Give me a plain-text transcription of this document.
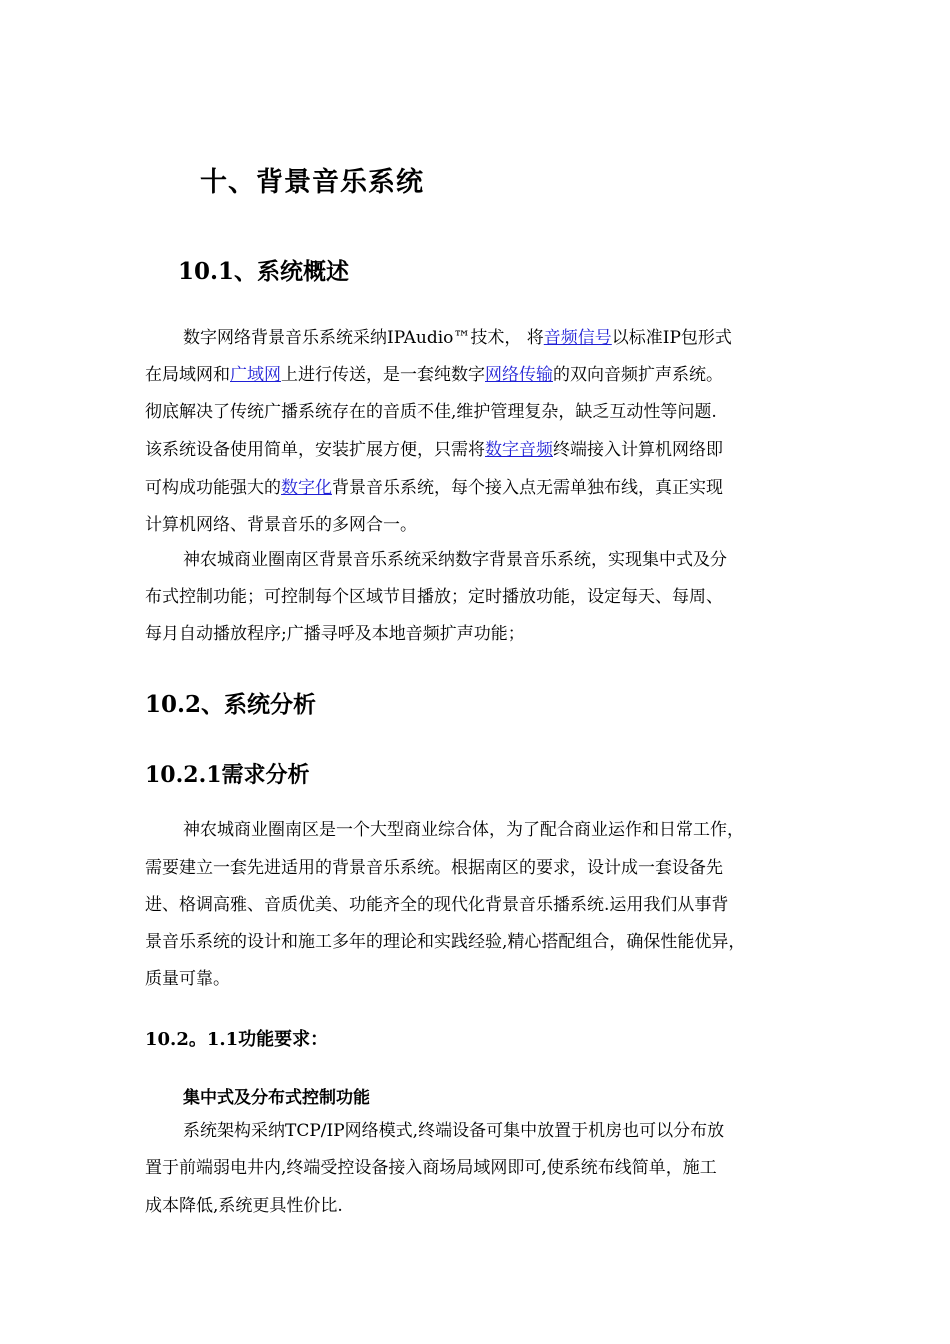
十、背景音乐系统
10.1、系统概述
数字网络背景音乐系统采纳IPAudio™技术， 将音频信号以标准IP包形式
在局域网和广域网上进行传送，是一套纯数字网络传输的双向音频扩声系统。
彻底解决了传统广播系统存在的音质不佳,维护管理复杂，缺乏互动性等问题.
该系统设备使用简单，安装扩展方便，只需将数字音频终端接入计算机网络即
可构成功能强大的数字化背景音乐系统，每个接入点无需单独布线，真正实现
计算机网络、背景音乐的多网合一。
神农城商业圈南区背景音乐系统采纳数字背景音乐系统，实现集中式及分
布式控制功能；可控制每个区域节目播放；定时播放功能，设定每天、每周、
每月自动播放程序;广播寻呼及本地音频扩声功能；
10.2、系统分析
10.2.1需求分析
神农城商业圈南区是一个大型商业综合体，为了配合商业运作和日常工作，
需要建立一套先进适用的背景音乐系统。根据南区的要求，设计成一套设备先
进、格调高雅、音质优美、功能齐全的现代化背景音乐播系统.运用我们从事背
景音乐系统的设计和施工多年的理论和实践经验,精心搭配组合，确保性能优异，
质量可靠。
10.2。1.1功能要求：
集中式及分布式控制功能
系统架构采纳TCP/IP网络模式,终端设备可集中放置于机房也可以分布放
置于前端弱电井内,终端受控设备接入商场局域网即可,使系统布线简单，施工
成本降低,系统更具性价比.
